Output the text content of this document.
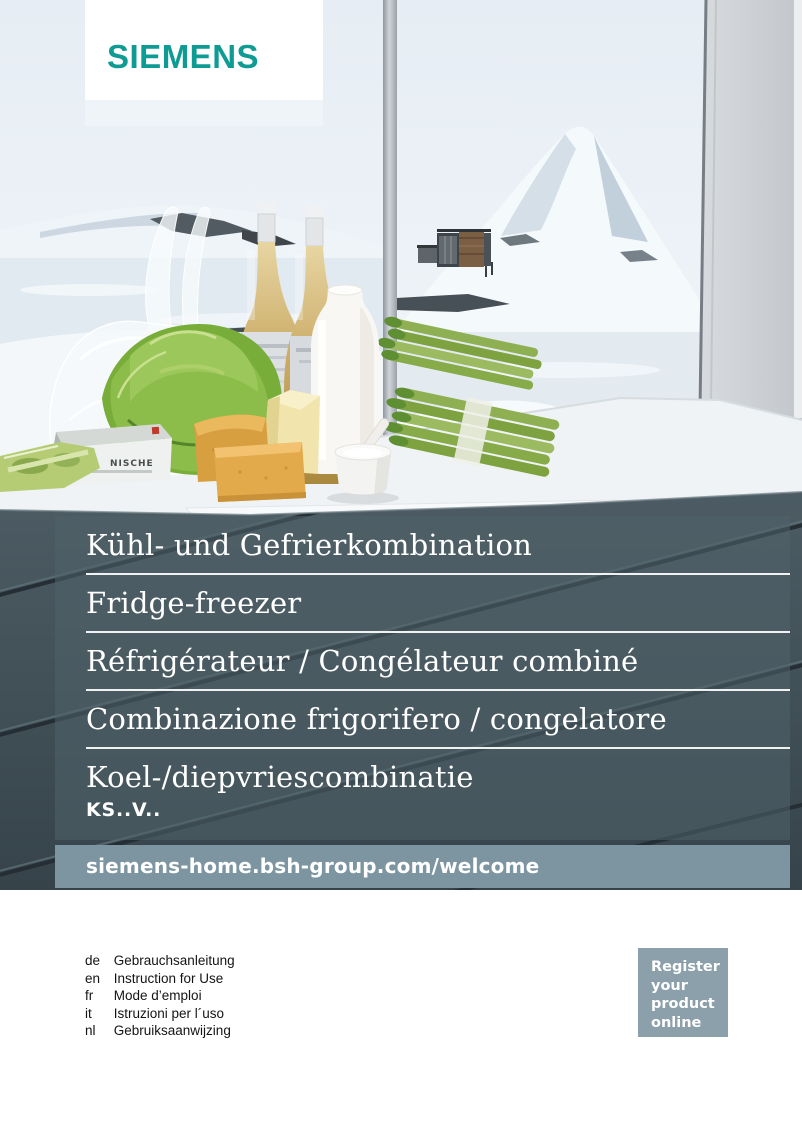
NISCHE
SIEMENS
Kühl- und Gefrierkombination
Fridge-freezer
Réfrigérateur / Congélateur combiné
Combinazione frigorifero / congelatore
Koel-/diepvriescombinatie
KS..V..
siemens-home.bsh-group.com/welcome
de Gebrauchsanleitung
en Instruction for Use
fr Mode d’emploi
it Istruzioni per l´uso
nl Gebruiksaanwijzing
Register
your
product
online
